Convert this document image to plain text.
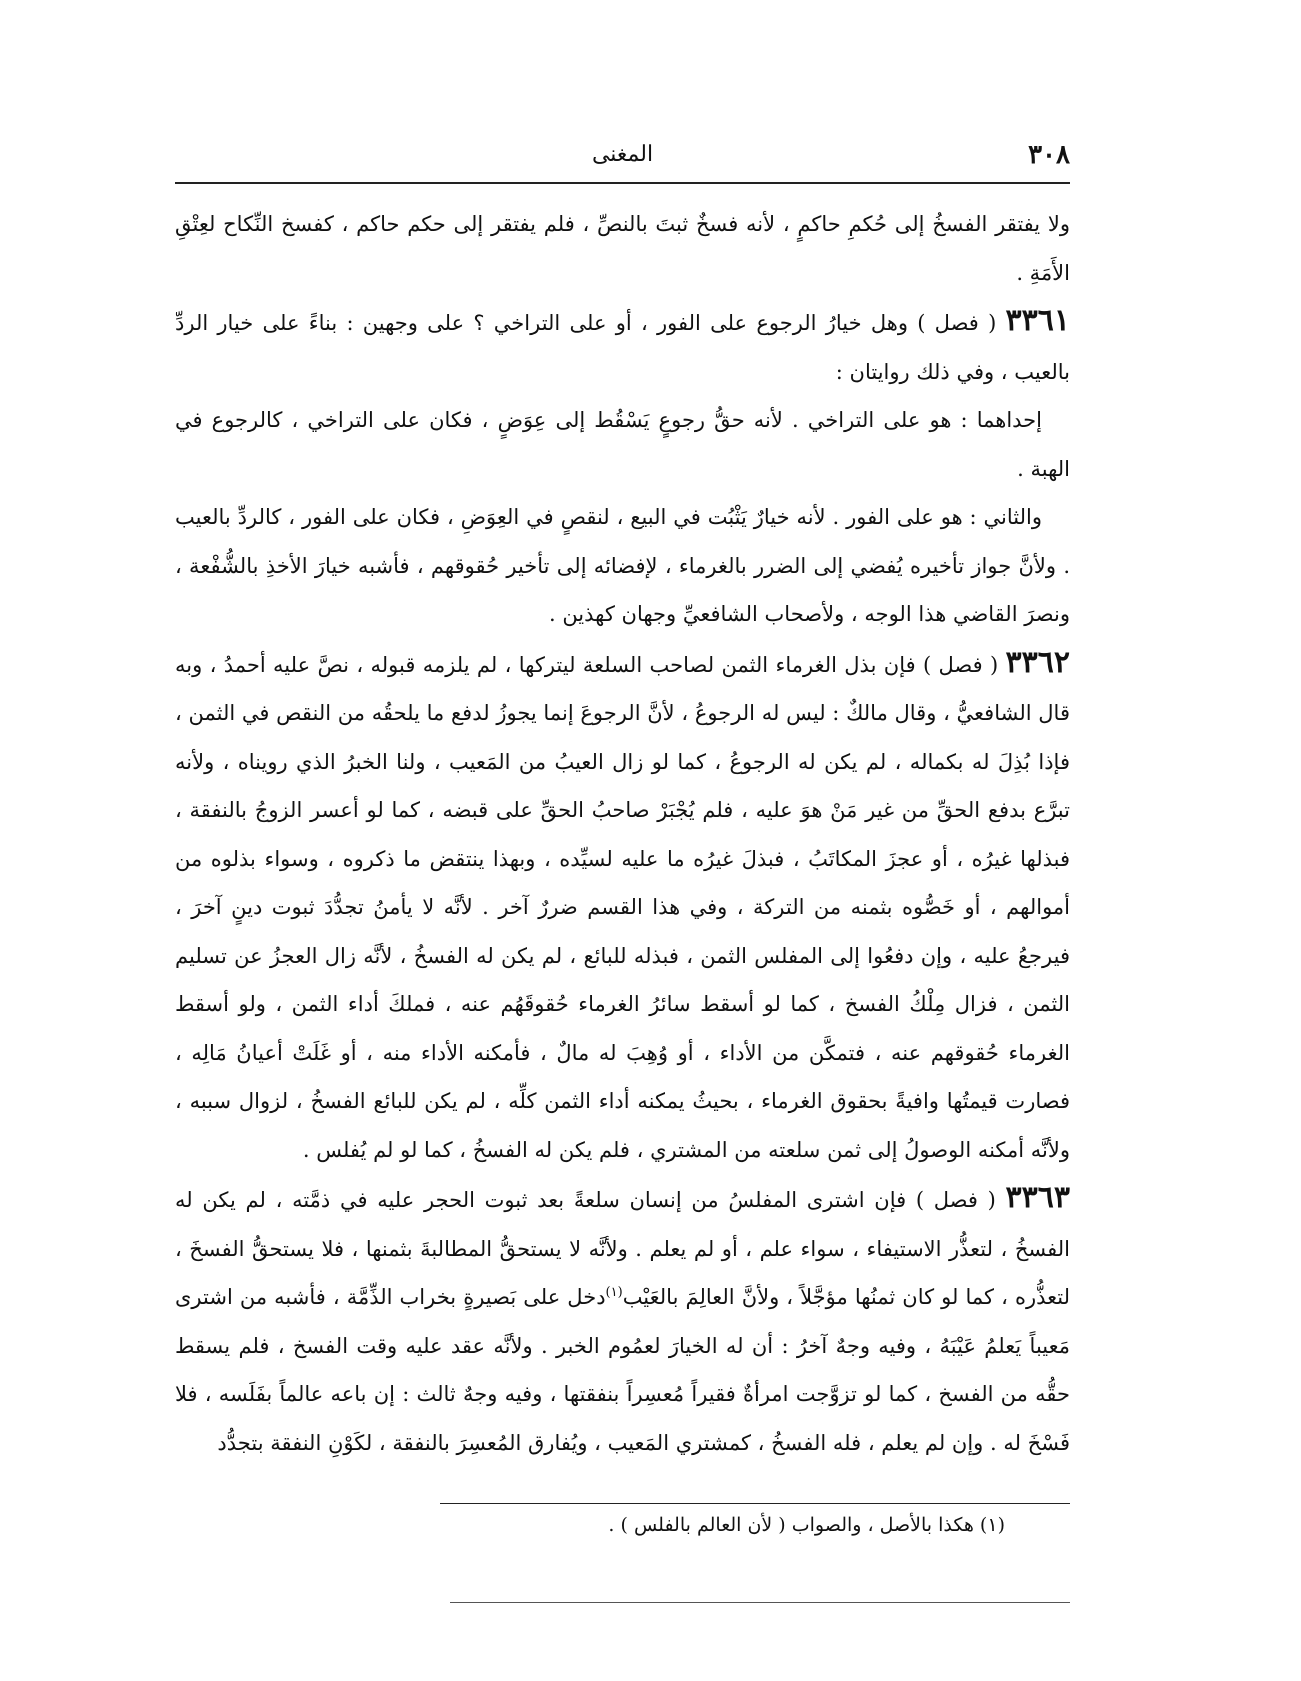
٣٠٨
المغنى

ولا يفتقر الفسخُ إلى حُكمِ حاكمٍ ، لأنه فسخٌ ثبتَ بالنصِّ ، فلم يفتقر إلى حكم حاكم ، كفسخ النِّكاح لعِتْقِ الأَمَةِ .

٣٣٦١ ( فصل ) وهل خيارُ الرجوع على الفور ، أو على التراخي ؟ على وجهين : بناءً على خيار الردِّ بالعيب ، وفي ذلك روايتان :

إحداهما : هو على التراخي . لأنه حقُّ رجوعٍ يَسْقُط إلى عِوَضٍ ، فكان على التراخي ، كالرجوع في الهبة .

والثاني : هو على الفور . لأنه خيارٌ يَثْبُت في البيع ، لنقصٍ في العِوَضِ ، فكان على الفور ، كالردِّ بالعيب . ولأنَّ جواز تأخيره يُفضي إلى الضرر بالغرماء ، لإفضائه إلى تأخير حُقوقهم ، فأشبه خيارَ الأخذِ بالشُّفْعة ، ونصرَ القاضي هذا الوجه ، ولأصحاب الشافعيِّ وجهان كهذين .

٣٣٦٢ ( فصل ) فإن بذل الغرماء الثمن لصاحب السلعة ليتركها ، لم يلزمه قبوله ، نصَّ عليه أحمدُ ، وبه قال الشافعيُّ ، وقال مالكٌ : ليس له الرجوعُ ، لأنَّ الرجوعَ إنما يجوزُ لدفع ما يلحقُه من النقص في الثمن ، فإذا بُذِلَ له بكماله ، لم يكن له الرجوعُ ، كما لو زال العيبُ من المَعيب ، ولنا الخبرُ الذي رويناه ، ولأنه تبرَّع بدفع الحقِّ من غير مَنْ هوَ عليه ، فلم يُجْبَرْ صاحبُ الحقِّ على قبضه ، كما لو أعسر الزوجُ بالنفقة ، فبذلها غيرُه ، أو عجزَ المكاتَبُ ، فبذلَ غيرُه ما عليه لسيِّده ، وبهذا ينتقض ما ذكروه ، وسواء بذلوه من أموالهم ، أو خَصُّوه بثمنه من التركة ، وفي هذا القسم ضررٌ آخر . لأنَّه لا يأمنُ تجدُّدَ ثبوت دينٍ آخرَ ، فيرجعُ عليه ، وإن دفعُوا إلى المفلس الثمن ، فبذله للبائع ، لم يكن له الفسخُ ، لأنَّه زال العجزُ عن تسليم الثمن ، فزال مِلْكُ الفسخ ، كما لو أسقط سائرُ الغرماء حُقوقَهُم عنه ، فملكَ أداء الثمن ، ولو أسقط الغرماء حُقوقهم عنه ، فتمكَّن من الأداء ، أو وُهِبَ له مالٌ ، فأمكنه الأداء منه ، أو غَلَتْ أعيانُ مَالِه ، فصارت قيمتُها وافيةً بحقوق الغرماء ، بحيثُ يمكنه أداء الثمن كلِّه ، لم يكن للبائع الفسخُ ، لزوال سببه ، ولأنَّه أمكنه الوصولُ إلى ثمن سلعته من المشتري ، فلم يكن له الفسخُ ، كما لو لم يُفلس .

٣٣٦٣ ( فصل ) فإن اشترى المفلسُ من إنسان سلعةً بعد ثبوت الحجر عليه في ذمَّته ، لم يكن له الفسخُ ، لتعذُّر الاستيفاء ، سواء علم ، أو لم يعلم . ولأنَّه لا يستحقُّ المطالبةَ بثمنها ، فلا يستحقُّ الفسخَ ، لتعذُّره ، كما لو كان ثمنُها مؤجَّلاً ، ولأنَّ العالِمَ بالعَيْب$^{(١)}$دخل على بَصيرةٍ بخراب الذِّمَّة ، فأشبه من اشترى مَعيباً يَعلمُ عَيْبَهُ ، وفيه وجهٌ آخرُ : أن له الخيارَ لعمُوم الخبر . ولأنَّه عقد عليه وقت الفسخ ، فلم يسقط حقُّه من الفسخ ، كما لو تزوَّجت امرأةٌ فقيراً مُعسِراً بنفقتها ، وفيه وجهٌ ثالث : إن باعه عالماً بفَلَسه ، فلا فَسْخَ له . وإن لم يعلم ، فله الفسخُ ، كمشتري المَعيب ، ويُفارق المُعسِرَ بالنفقة ، لكَوْنِ النفقة بتجدُّد

(١) هكذا بالأصل ، والصواب ( لأن العالم بالفلس ) .
